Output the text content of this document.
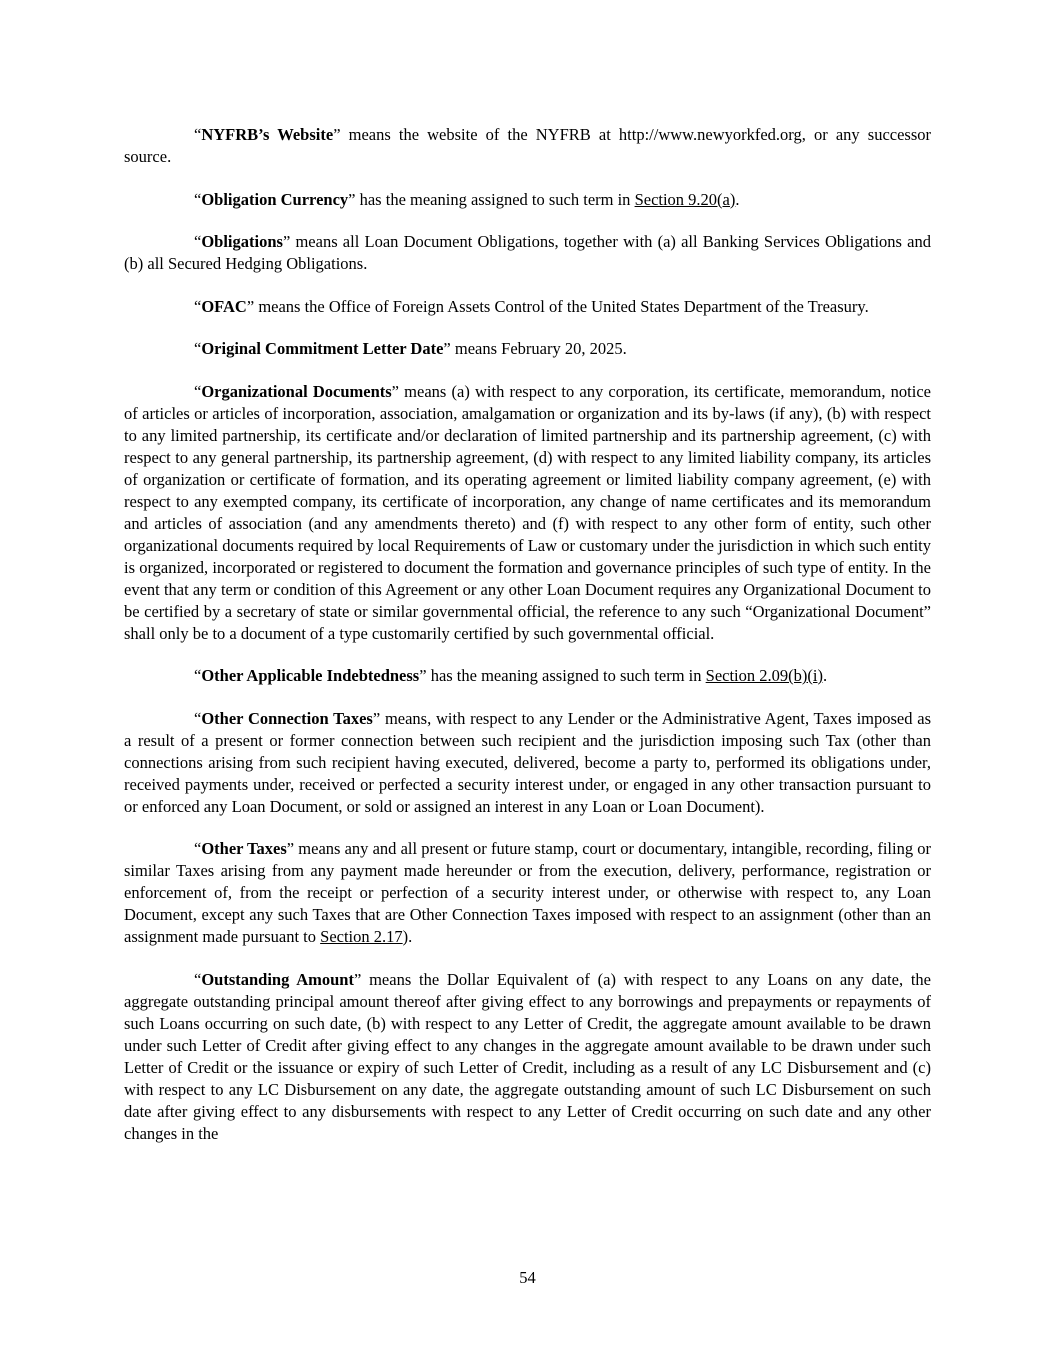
“NYFRB’s Website” means the website of the NYFRB at http://www.newyorkfed.org, or any successor source.

“Obligation Currency” has the meaning assigned to such term in Section 9.20(a).

“Obligations” means all Loan Document Obligations, together with (a) all Banking Services Obligations and (b) all Secured Hedging Obligations.

“OFAC” means the Office of Foreign Assets Control of the United States Department of the Treasury.

“Original Commitment Letter Date” means February 20, 2025.

“Organizational Documents” means (a) with respect to any corporation, its certificate, memorandum, notice of articles or articles of incorporation, association, amalgamation or organization and its by-laws (if any), (b) with respect to any limited partnership, its certificate and/or declaration of limited partnership and its partnership agreement, (c) with respect to any general partnership, its partnership agreement, (d) with respect to any limited liability company, its articles of organization or certificate of formation, and its operating agreement or limited liability company agreement, (e) with respect to any exempted company, its certificate of incorporation, any change of name certificates and its memorandum and articles of association (and any amendments thereto) and (f) with respect to any other form of entity, such other organizational documents required by local Requirements of Law or customary under the jurisdiction in which such entity is organized, incorporated or registered to document the formation and governance principles of such type of entity. In the event that any term or condition of this Agreement or any other Loan Document requires any Organizational Document to be certified by a secretary of state or similar governmental official, the reference to any such “Organizational Document” shall only be to a document of a type customarily certified by such governmental official.

“Other Applicable Indebtedness” has the meaning assigned to such term in Section 2.09(b)(i).

“Other Connection Taxes” means, with respect to any Lender or the Administrative Agent, Taxes imposed as a result of a present or former connection between such recipient and the jurisdiction imposing such Tax (other than connections arising from such recipient having executed, delivered, become a party to, performed its obligations under, received payments under, received or perfected a security interest under, or engaged in any other transaction pursuant to or enforced any Loan Document, or sold or assigned an interest in any Loan or Loan Document).

“Other Taxes” means any and all present or future stamp, court or documentary, intangible, recording, filing or similar Taxes arising from any payment made hereunder or from the execution, delivery, performance, registration or enforcement of, from the receipt or perfection of a security interest under, or otherwise with respect to, any Loan Document, except any such Taxes that are Other Connection Taxes imposed with respect to an assignment (other than an assignment made pursuant to Section 2.17).

“Outstanding Amount” means the Dollar Equivalent of (a) with respect to any Loans on any date, the aggregate outstanding principal amount thereof after giving effect to any borrowings and prepayments or repayments of such Loans occurring on such date, (b) with respect to any Letter of Credit, the aggregate amount available to be drawn under such Letter of Credit after giving effect to any changes in the aggregate amount available to be drawn under such Letter of Credit or the issuance or expiry of such Letter of Credit, including as a result of any LC Disbursement and (c) with respect to any LC Disbursement on any date, the aggregate outstanding amount of such LC Disbursement on such date after giving effect to any disbursements with respect to any Letter of Credit occurring on such date and any other changes in the

54
